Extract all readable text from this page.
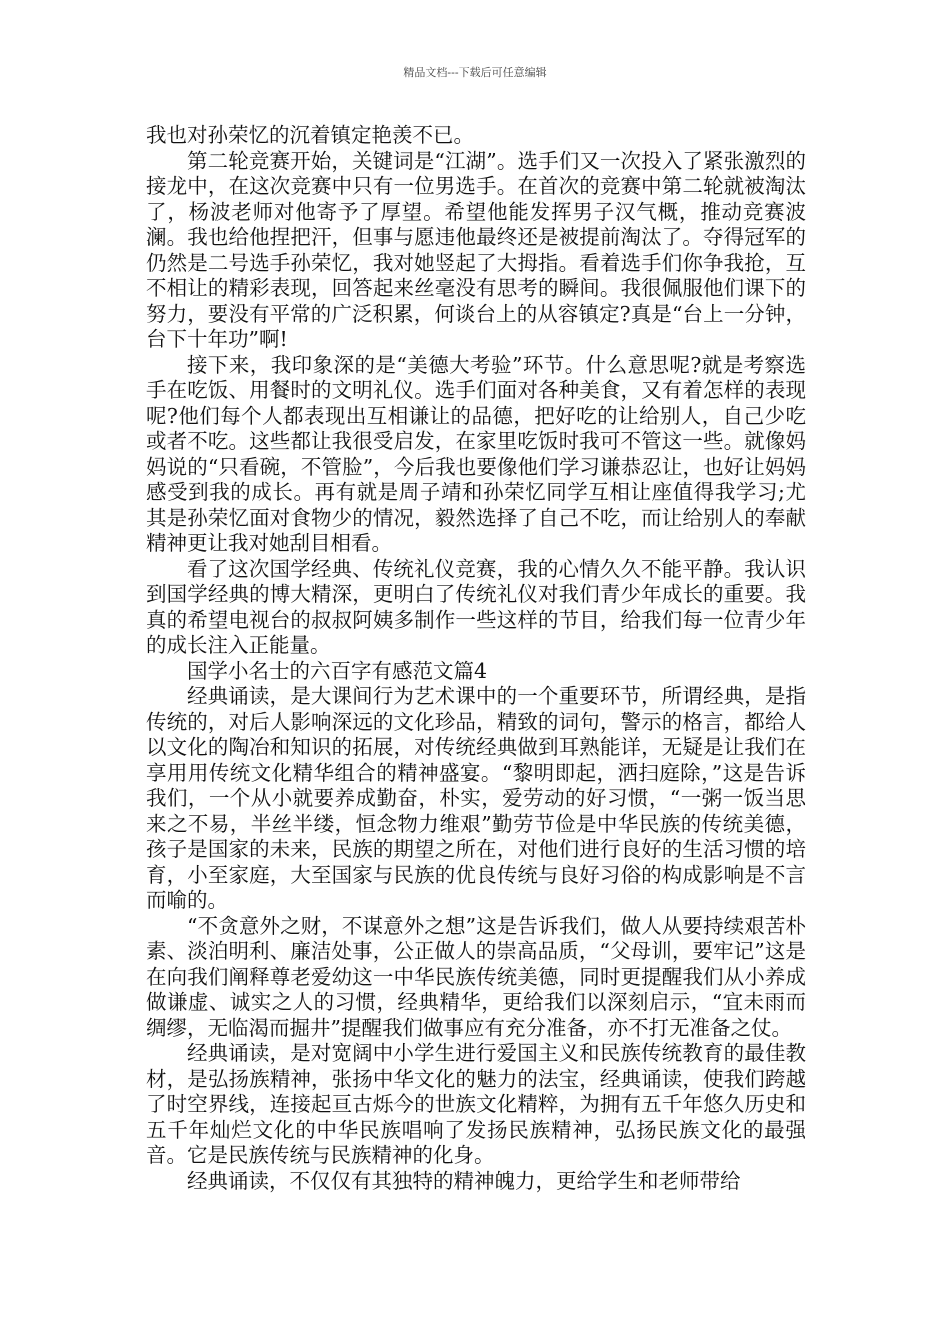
精品文档---下载后可任意编辑

我也对孙荣忆的沉着镇定艳羡不已。

第二轮竞赛开始，关键词是“江湖”。选手们又一次投入了紧张激烈的接龙中，在这次竞赛中只有一位男选手。在首次的竞赛中第二轮就被淘汰了，杨波老师对他寄予了厚望。希望他能发挥男子汉气概，推动竞赛波澜。我也给他捏把汗，但事与愿违他最终还是被提前淘汰了。夺得冠军的仍然是二号选手孙荣忆，我对她竖起了大拇指。看着选手们你争我抢，互不相让的精彩表现，回答起来丝毫没有思考的瞬间。我很佩服他们课下的努力，要没有平常的广泛积累，何谈台上的从容镇定?真是“台上一分钟，台下十年功”啊!

接下来，我印象深的是“美德大考验”环节。什么意思呢?就是考察选手在吃饭、用餐时的文明礼仪。选手们面对各种美食，又有着怎样的表现呢?他们每个人都表现出互相谦让的品德，把好吃的让给别人，自己少吃或者不吃。这些都让我很受启发，在家里吃饭时我可不管这一些。就像妈妈说的“只看碗，不管脸”，今后我也要像他们学习谦恭忍让，也好让妈妈感受到我的成长。再有就是周子靖和孙荣忆同学互相让座值得我学习;尤其是孙荣忆面对食物少的情况，毅然选择了自己不吃，而让给别人的奉献精神更让我对她刮目相看。

看了这次国学经典、传统礼仪竞赛，我的心情久久不能平静。我认识到国学经典的博大精深，更明白了传统礼仪对我们青少年成长的重要。我真的希望电视台的叔叔阿姨多制作一些这样的节目，给我们每一位青少年的成长注入正能量。

国学小名士的六百字有感范文篇4

经典诵读，是大课间行为艺术课中的一个重要环节，所谓经典，是指传统的，对后人影响深远的文化珍品，精致的词句，警示的格言，都给人以文化的陶冶和知识的拓展，对传统经典做到耳熟能详，无疑是让我们在享用用传统文化精华组合的精神盛宴。“黎明即起，洒扫庭除，”这是告诉我们，一个从小就要养成勤奋，朴实，爱劳动的好习惯，“一粥一饭当思来之不易，半丝半缕，恒念物力维艰”勤劳节俭是中华民族的传统美德，孩子是国家的未来，民族的期望之所在，对他们进行良好的生活习惯的培育，小至家庭，大至国家与民族的优良传统与良好习俗的构成影响是不言而喻的。

“不贪意外之财，不谋意外之想”这是告诉我们，做人从要持续艰苦朴素、淡泊明利、廉洁处事，公正做人的崇高品质，“父母训，要牢记”这是在向我们阐释尊老爱幼这一中华民族传统美德，同时更提醒我们从小养成做谦虚、诚实之人的习惯，经典精华，更给我们以深刻启示，“宜未雨而绸缪，无临渴而掘井”提醒我们做事应有充分准备，亦不打无准备之仗。

经典诵读，是对宽阔中小学生进行爱国主义和民族传统教育的最佳教材，是弘扬族精神，张扬中华文化的魅力的法宝，经典诵读，使我们跨越了时空界线，连接起亘古烁今的世族文化精粹，为拥有五千年悠久历史和五千年灿烂文化的中华民族唱响了发扬民族精神，弘扬民族文化的最强音。它是民族传统与民族精神的化身。

经典诵读，不仅仅有其独特的精神魄力，更给学生和老师带给
